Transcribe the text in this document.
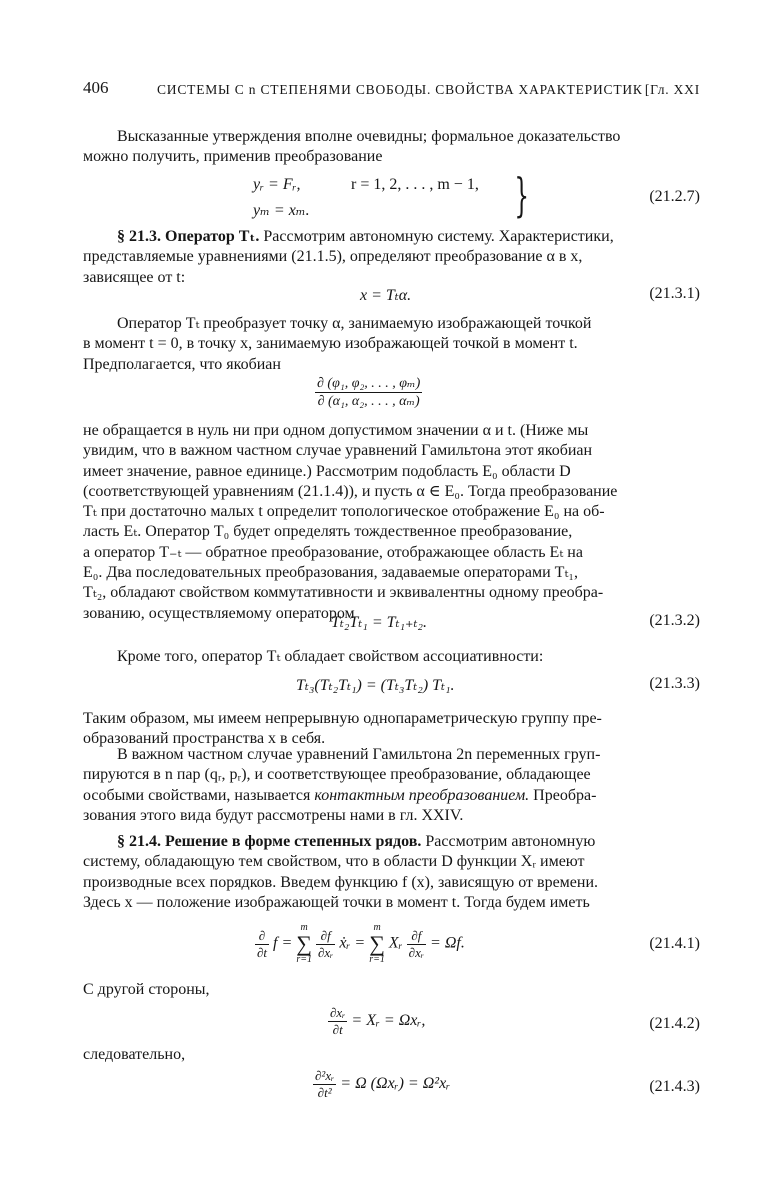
406	СИСТЕМЫ С n СТЕПЕНЯМИ СВОБОДЫ. СВОЙСТВА ХАРАКТЕРИСТИК [Гл. XXI
Высказанные утверждения вполне очевидны; формальное доказательство
можно получить, применив преобразование
yᵣ = Fᵣ,	r = 1, 2, . . . , m − 1,
yₘ = xₘ.	}	(21.2.7)
§ 21.3. Оператор Tₜ. Рассмотрим автономную систему. Характеристики,
представляемые уравнениями (21.1.5), определяют преобразование α в x,
зависящее от t:
x = Tₜα.	(21.3.1)
Оператор Tₜ преобразует точку α, занимаемую изображающей точкой
в момент t = 0, в точку x, занимаемую изображающей точкой в момент t.
Предполагается, что якобиан
$\frac{\text{∂ (φ₁, φ₂, . . . , φₘ)}}{\text{∂ (α₁, α₂, . . . , αₘ)}}$
не обращается в нуль ни при одном допустимом значении α и t. (Ниже мы
увидим, что в важном частном случае уравнений Гамильтона этот якобиан
имеет значение, равное единице.) Рассмотрим подобласть E₀ области D
(соответствующей уравнениям (21.1.4)), и пусть α ∈ E₀. Тогда преобразование
Tₜ при достаточно малых t определит топологическое отображение E₀ на об-
ласть Eₜ. Оператор T₀ будет определять тождественное преобразование,
а оператор T₋ₜ — обратное преобразование, отображающее область Eₜ на
E₀. Два последовательных преобразования, задаваемые операторами Tₜ₁,
Tₜ₂, обладают свойством коммутативности и эквивалентны одному преобра-
зованию, осуществляемому оператором
Tₜ₂Tₜ₁ = Tₜ₁₊ₜ₂.	(21.3.2)
Кроме того, оператор Tₜ обладает свойством ассоциативности:
Tₜ₃(Tₜ₂Tₜ₁) = (Tₜ₃Tₜ₂) Tₜ₁.	(21.3.3)
Таким образом, мы имеем непрерывную однопараметрическую группу пре-
образований пространства x в себя.
В важном частном случае уравнений Гамильтона 2n переменных груп-
пируются в n пар (qᵣ, pᵣ), и соответствующее преобразование, обладающее
особыми свойствами, называется контактным преобразованием. Преобра-
зования этого вида будут рассмотрены нами в гл. XXIV.
§ 21.4. Решение в форме степенных рядов. Рассмотрим автономную
систему, обладающую тем свойством, что в области D функции Xᵣ имеют
производные всех порядков. Введем функцию f (x), зависящую от времени.
Здесь x — положение изображающей точки в момент t. Тогда будем иметь
$\frac{\partial}{\partial t}$ f =
m
∑
r=1
$\frac{\partial f}{\text{∂xᵣ}}$ ẋᵣ =
m
∑
r=1
Xᵣ $\frac{\partial f}{\text{∂xᵣ}} = \Omega f$.	(21.4.1)
С другой стороны,
$\frac{\text{∂xᵣ}}{\partial t}$ = Xᵣ = Ωxᵣ,	(21.4.2)
следовательно,
$\frac{\text{∂²xᵣ}}{\text{∂t²}} = \Omega$ (Ωxᵣ) = Ω²xᵣ	(21.4.3)
